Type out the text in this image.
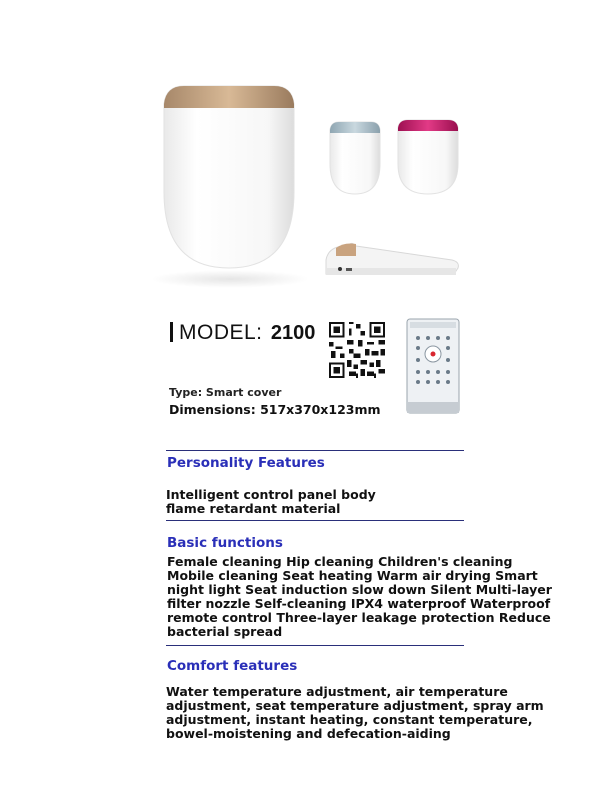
MODEL: 2100
Type: Smart cover
Dimensions: 517x370x123mm
Personality Features
Intelligent control panel body
flame retardant material
Basic functions
Female cleaning Hip cleaning Children's cleaning
Mobile cleaning Seat heating Warm air drying Smart
night light Seat induction slow down Silent Multi-layer
filter nozzle Self-cleaning IPX4 waterproof Waterproof
remote control Three-layer leakage protection Reduce
bacterial spread
Comfort features
Water temperature adjustment, air temperature
adjustment, seat temperature adjustment, spray arm
adjustment, instant heating, constant temperature,
bowel-moistening and defecation-aiding
